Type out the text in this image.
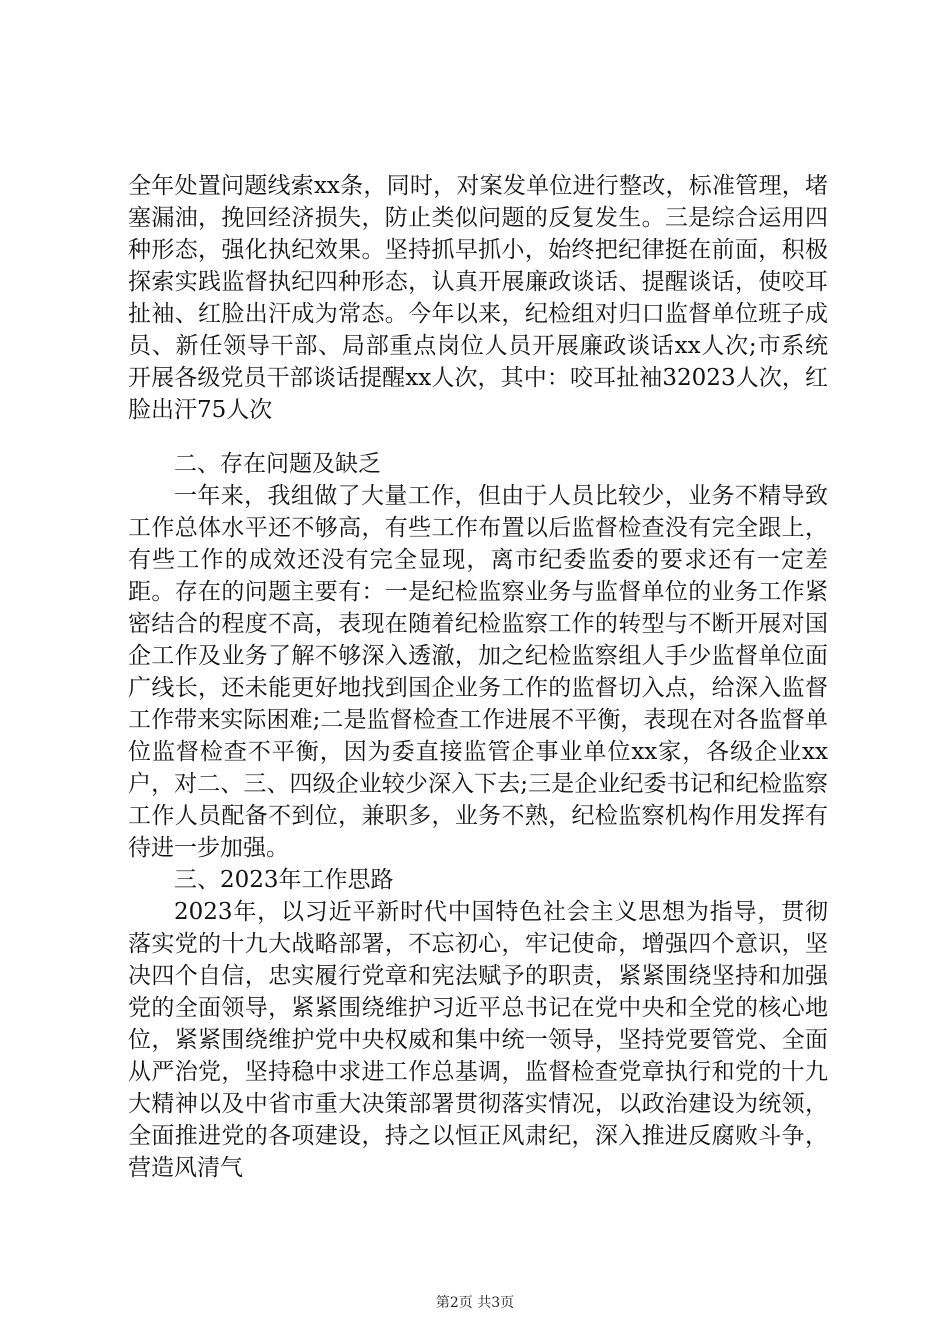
全年处置问题线索xx条，同时，对案发单位进行整改，标准管理，堵塞漏油，挽回经济损失，防止类似问题的反复发生。三是综合运用四种形态，强化执纪效果。坚持抓早抓小，始终把纪律挺在前面，积极探索实践监督执纪四种形态，认真开展廉政谈话、提醒谈话，使咬耳扯袖、红脸出汗成为常态。今年以来，纪检组对归口监督单位班子成员、新任领导干部、局部重点岗位人员开展廉政谈话xx人次;市系统开展各级党员干部谈话提醒xx人次，其中：咬耳扯袖32023人次，红脸出汗75人次

二、存在问题及缺乏

一年来，我组做了大量工作，但由于人员比较少，业务不精导致工作总体水平还不够高，有些工作布置以后监督检查没有完全跟上，有些工作的成效还没有完全显现，离市纪委监委的要求还有一定差距。存在的问题主要有：一是纪检监察业务与监督单位的业务工作紧密结合的程度不高，表现在随着纪检监察工作的转型与不断开展对国企工作及业务了解不够深入透澈，加之纪检监察组人手少监督单位面广线长，还未能更好地找到国企业务工作的监督切入点，给深入监督工作带来实际困难;二是监督检查工作进展不平衡，表现在对各监督单位监督检查不平衡，因为委直接监管企事业单位xx家，各级企业xx户，对二、三、四级企业较少深入下去;三是企业纪委书记和纪检监察工作人员配备不到位，兼职多，业务不熟，纪检监察机构作用发挥有待进一步加强。

三、2023年工作思路

2023年，以习近平新时代中国特色社会主义思想为指导，贯彻落实党的十九大战略部署，不忘初心，牢记使命，增强四个意识，坚决四个自信，忠实履行党章和宪法赋予的职责，紧紧围绕坚持和加强党的全面领导，紧紧围绕维护习近平总书记在党中央和全党的核心地位，紧紧围绕维护党中央权威和集中统一领导，坚持党要管党、全面从严治党，坚持稳中求进工作总基调，监督检查党章执行和党的十九大精神以及中省市重大决策部署贯彻落实情况，以政治建设为统领，全面推进党的各项建设，持之以恒正风肃纪，深入推进反腐败斗争，营造风清气

第2页 共3页
